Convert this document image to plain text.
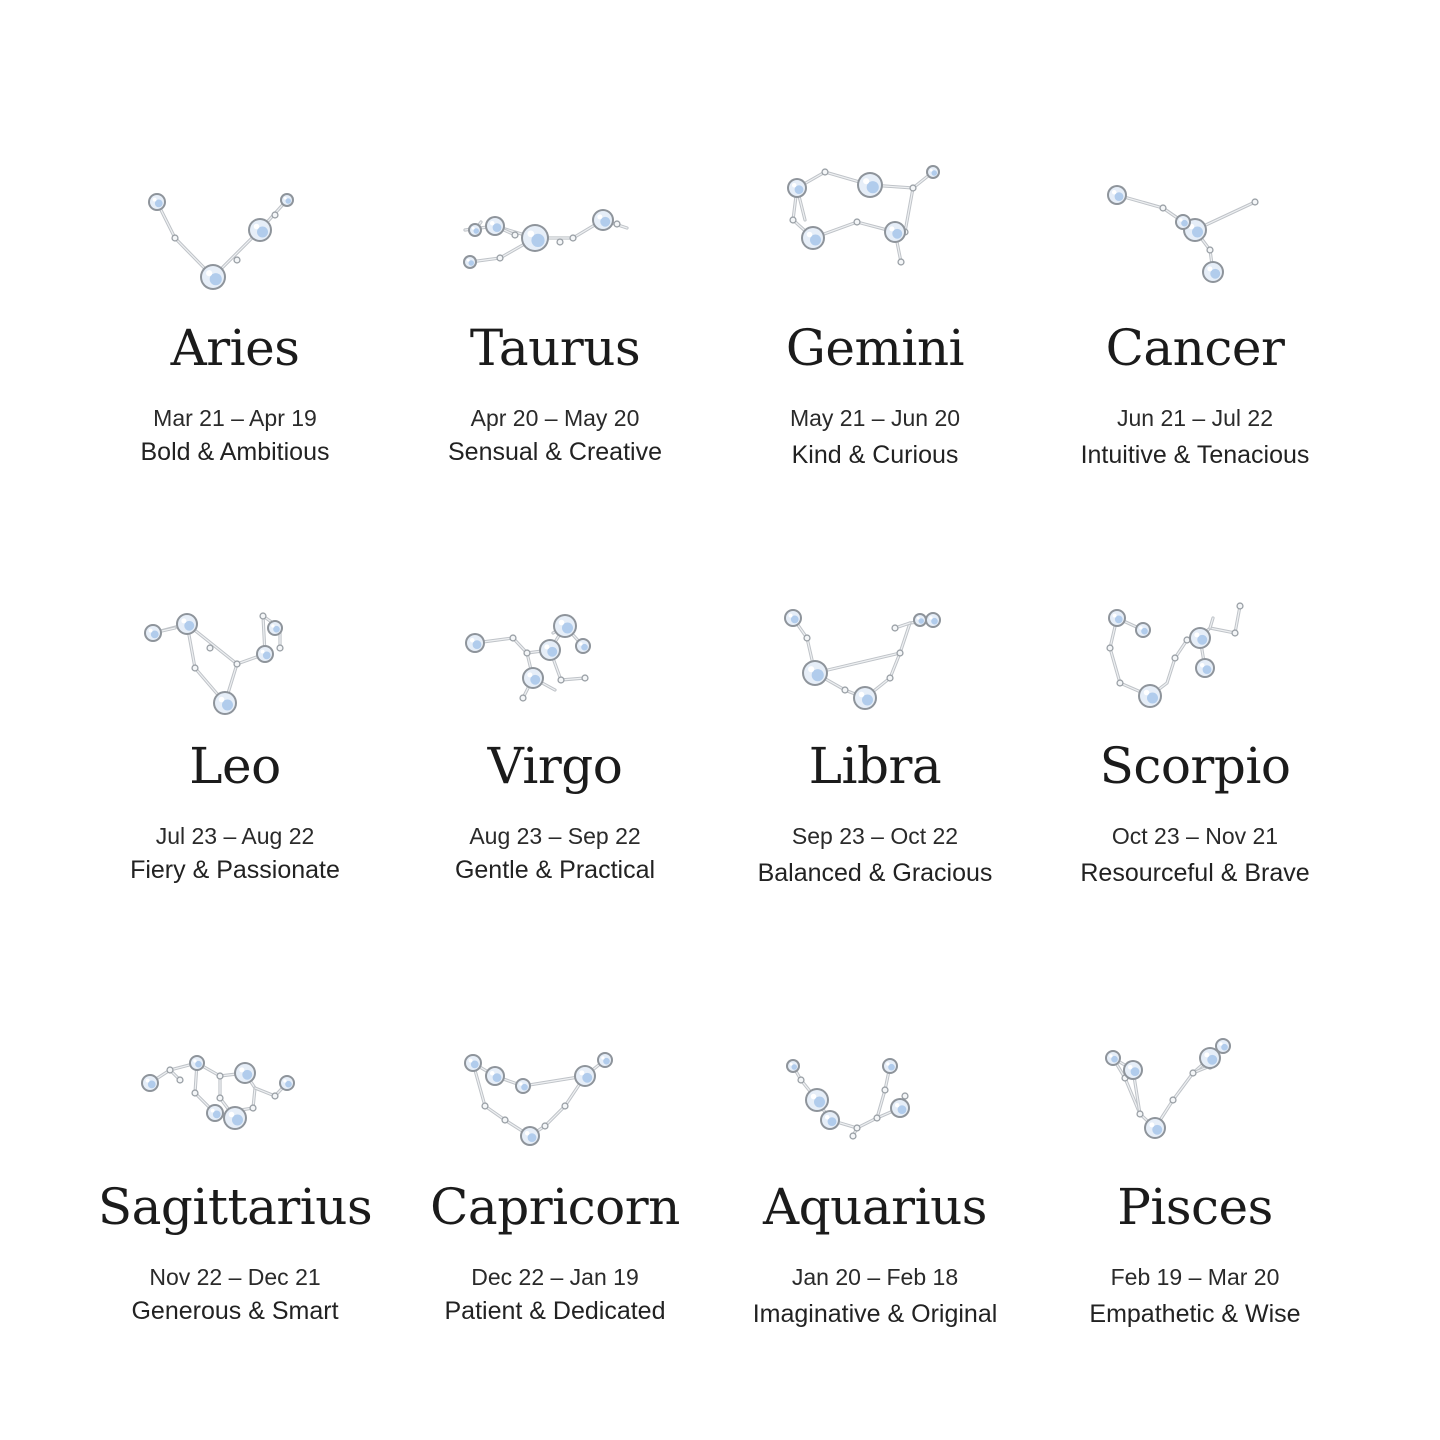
Aries
Mar 21 – Apr 19
Bold & Ambitious
Taurus
Apr 20 – May 20
Sensual & Creative
Gemini
May 21 – Jun 20
Kind & Curious
Cancer
Jun 21 – Jul 22
Intuitive & Tenacious
Leo
Jul 23 – Aug 22
Fiery & Passionate
Virgo
Aug 23 – Sep 22
Gentle & Practical
Libra
Sep 23 – Oct 22
Balanced & Gracious
Scorpio
Oct 23 – Nov 21
Resourceful & Brave
Sagittarius
Nov 22 – Dec 21
Generous & Smart
Capricorn
Dec 22 – Jan 19
Patient & Dedicated
Aquarius
Jan 20 – Feb 18
Imaginative & Original
Pisces
Feb 19 – Mar 20
Empathetic & Wise
